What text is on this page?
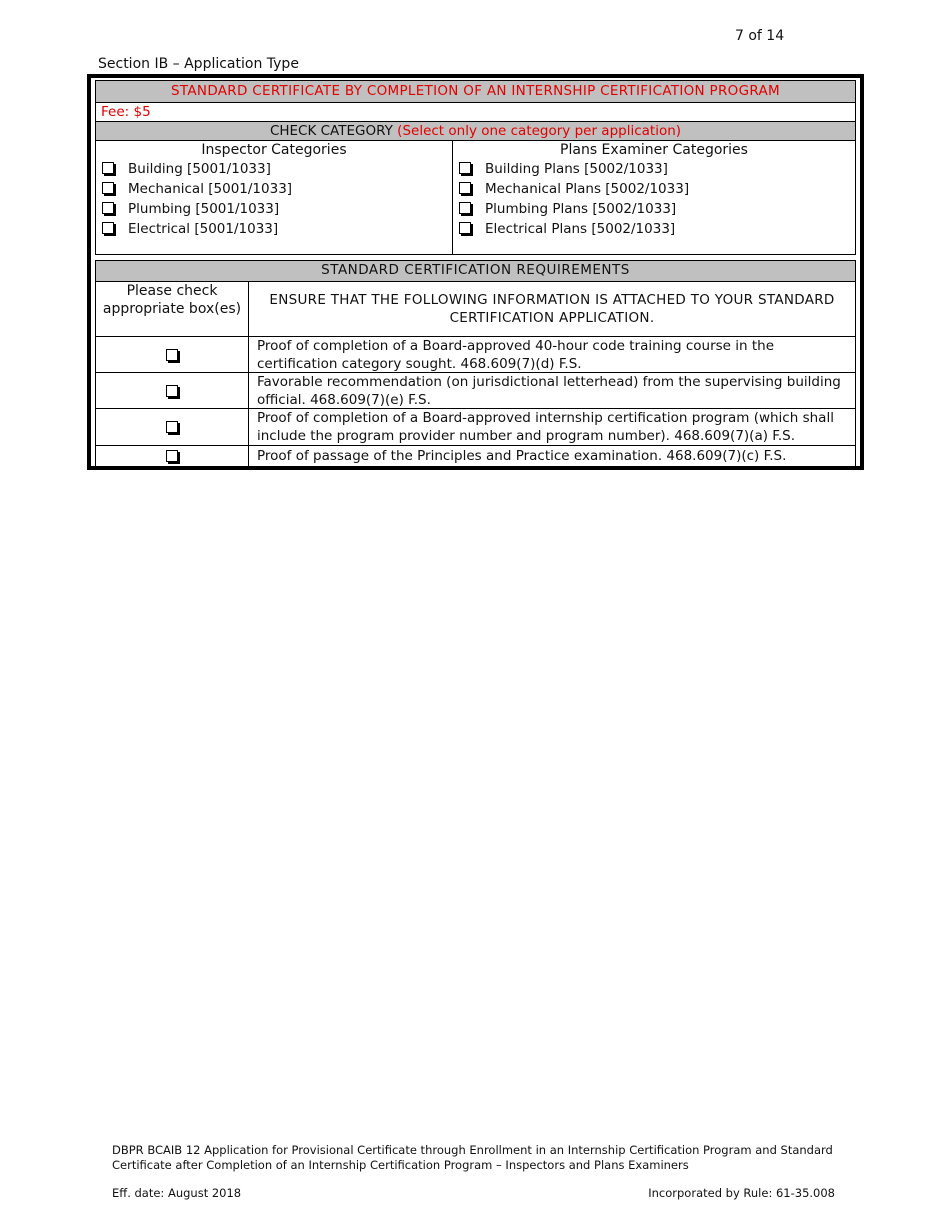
7 of 14
Section IB – Application Type
STANDARD CERTIFICATE BY COMPLETION OF AN INTERNSHIP CERTIFICATION PROGRAM
Fee: $5
CHECK CATEGORY (Select only one category per application)
Inspector Categories
Building [5001/1033]
Mechanical [5001/1033]
Plumbing [5001/1033]
Electrical [5001/1033]
Plans Examiner Categories
Building Plans [5002/1033]
Mechanical Plans [5002/1033]
Plumbing Plans [5002/1033]
Electrical Plans [5002/1033]
STANDARD CERTIFICATION REQUIREMENTS
Please check appropriate box(es)
ENSURE THAT THE FOLLOWING INFORMATION IS ATTACHED TO YOUR STANDARD CERTIFICATION APPLICATION.
Proof of completion of a Board-approved 40-hour code training course in the certification category sought. 468.609(7)(d) F.S.
Favorable recommendation (on jurisdictional letterhead) from the supervising building official. 468.609(7)(e) F.S.
Proof of completion of a Board-approved internship certification program (which shall include the program provider number and program number). 468.609(7)(a) F.S.
Proof of passage of the Principles and Practice examination. 468.609(7)(c) F.S.
DBPR BCAIB 12 Application for Provisional Certificate through Enrollment in an Internship Certification Program and Standard Certificate after Completion of an Internship Certification Program – Inspectors and Plans Examiners
Eff. date: August 2018	Incorporated by Rule: 61-35.008
